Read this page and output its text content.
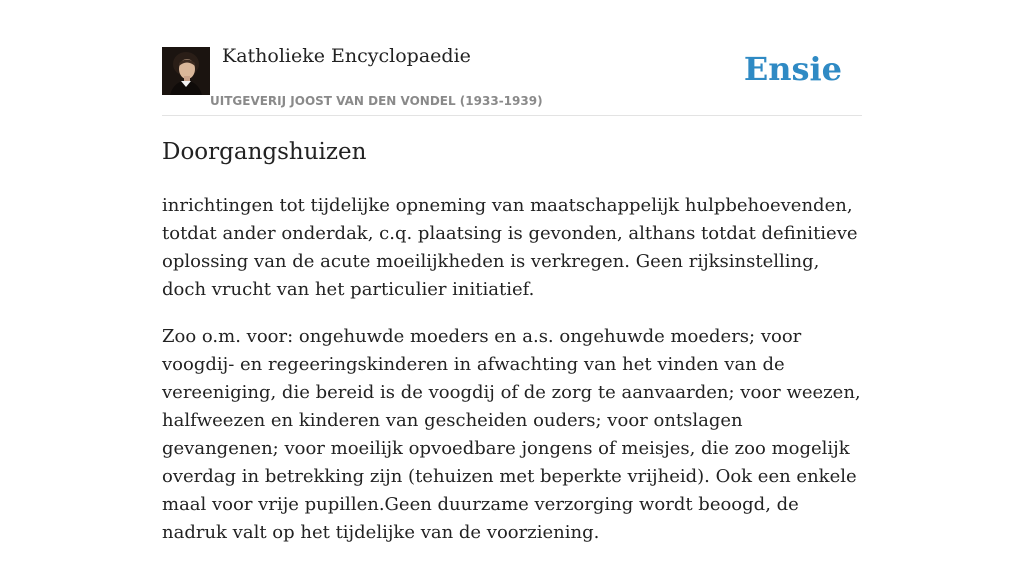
Katholieke Encyclopaedie
UITGEVERIJ JOOST VAN DEN VONDEL (1933-1939)
Ensie
Doorgangshuizen

inrichtingen tot tijdelijke opneming van maatschappelijk hulpbehoevenden, totdat ander onderdak, c.q. plaatsing is gevonden, althans totdat definitieve oplossing van de acute moeilijkheden is verkregen. Geen rijksinstelling, doch vrucht van het particulier initiatief.

Zoo o.m. voor: ongehuwde moeders en a.s. ongehuwde moeders; voor voogdij- en regeeringskinderen in afwachting van het vinden van de vereeniging, die bereid is de voogdij of de zorg te aanvaarden; voor weezen, halfweezen en kinderen van gescheiden ouders; voor ontslagen gevangenen; voor moeilijk opvoedbare jongens of meisjes, die zoo mogelijk overdag in betrekking zijn (tehuizen met beperkte vrijheid). Ook een enkele maal voor vrije pupillen.Geen duurzame verzorging wordt beoogd, de nadruk valt op het tijdelijke van de voorziening.
